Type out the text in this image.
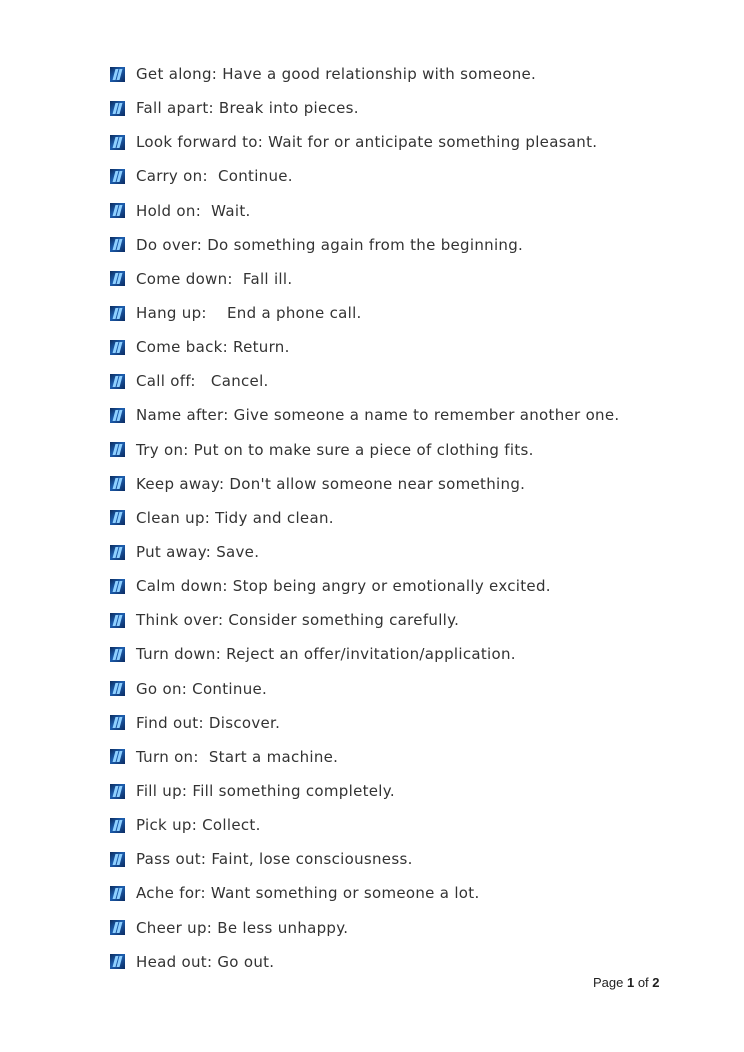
Get along: Have a good relationship with someone.
Fall apart: Break into pieces.
Look forward to: Wait for or anticipate something pleasant.
Carry on:  Continue.
Hold on:  Wait.
Do over: Do something again from the beginning.
Come down:  Fall ill.
Hang up:    End a phone call.
Come back: Return.
Call off:   Cancel.
Name after: Give someone a name to remember another one.
Try on: Put on to make sure a piece of clothing fits.
Keep away: Don't allow someone near something.
Clean up: Tidy and clean.
Put away: Save.
Calm down: Stop being angry or emotionally excited.
Think over: Consider something carefully.
Turn down: Reject an offer/invitation/application.
Go on: Continue.
Find out: Discover.
Turn on:  Start a machine.
Fill up: Fill something completely.
Pick up: Collect.
Pass out: Faint, lose consciousness.
Ache for: Want something or someone a lot.
Cheer up: Be less unhappy.
Head out: Go out.
Page 1 of 2
